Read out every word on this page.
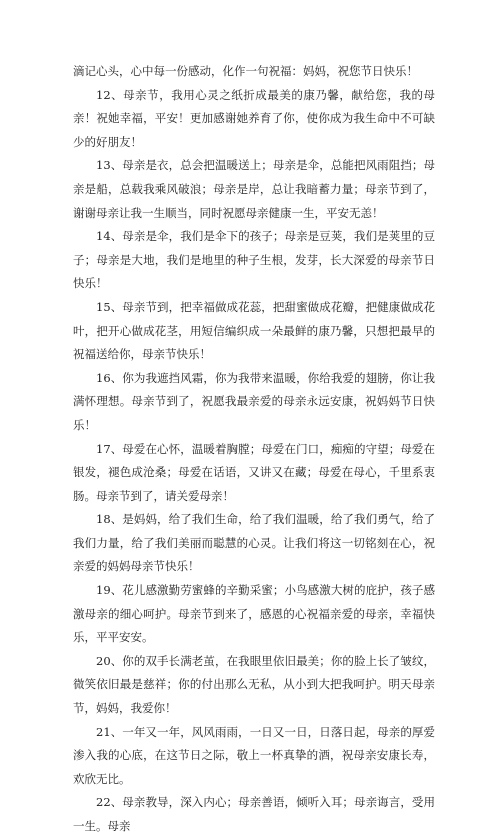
滴记心头，心中每一份感动，化作一句祝福：妈妈，祝您节日快乐！

12、母亲节，我用心灵之纸折成最美的康乃馨，献给您，我的母亲！祝她幸福，平安！更加感谢她养育了你，使你成为我生命中不可缺少的好朋友！

13、母亲是衣，总会把温暖送上；母亲是伞，总能把风雨阻挡；母亲是船，总载我乘风破浪；母亲是岸，总让我暗蓄力量；母亲节到了，谢谢母亲让我一生顺当，同时祝愿母亲健康一生，平安无恙！

14、母亲是伞，我们是伞下的孩子；母亲是豆荚，我们是荚里的豆子；母亲是大地，我们是地里的种子生根，发芽，长大深爱的母亲节日快乐！

15、母亲节到，把幸福做成花蕊，把甜蜜做成花瓣，把健康做成花叶，把开心做成花茎，用短信编织成一朵最鲜的康乃馨，只想把最早的祝福送给你，母亲节快乐！

16、你为我遮挡风霜，你为我带来温暖，你给我爱的翅膀，你让我满怀理想。母亲节到了，祝愿我最亲爱的母亲永远安康，祝妈妈节日快乐！

17、母爱在心怀，温暖着胸膛；母爱在门口，痴痴的守望；母爱在银发，褪色成沧桑；母爱在话语，又讲又在藏；母爱在母心，千里系衷肠。母亲节到了，请关爱母亲！

18、是妈妈，给了我们生命，给了我们温暖，给了我们勇气，给了我们力量，给了我们美丽而聪慧的心灵。让我们将这一切铭刻在心，祝亲爱的妈妈母亲节快乐！

19、花儿感激勤劳蜜蜂的辛勤采蜜；小鸟感激大树的庇护，孩子感激母亲的细心呵护。母亲节到来了，感恩的心祝福亲爱的母亲，幸福快乐，平平安安。

20、你的双手长满老茧，在我眼里依旧最美；你的脸上长了皱纹，微笑依旧最是慈祥；你的付出那么无私，从小到大把我呵护。明天母亲节，妈妈，我爱你！

21、一年又一年，风风雨雨，一日又一日，日落日起，母亲的厚爱渗入我的心底，在这节日之际，敬上一杯真挚的酒，祝母亲安康长寿，欢欣无比。

22、母亲教导，深入内心；母亲善语，倾听入耳；母亲诲言，受用一生。母亲
